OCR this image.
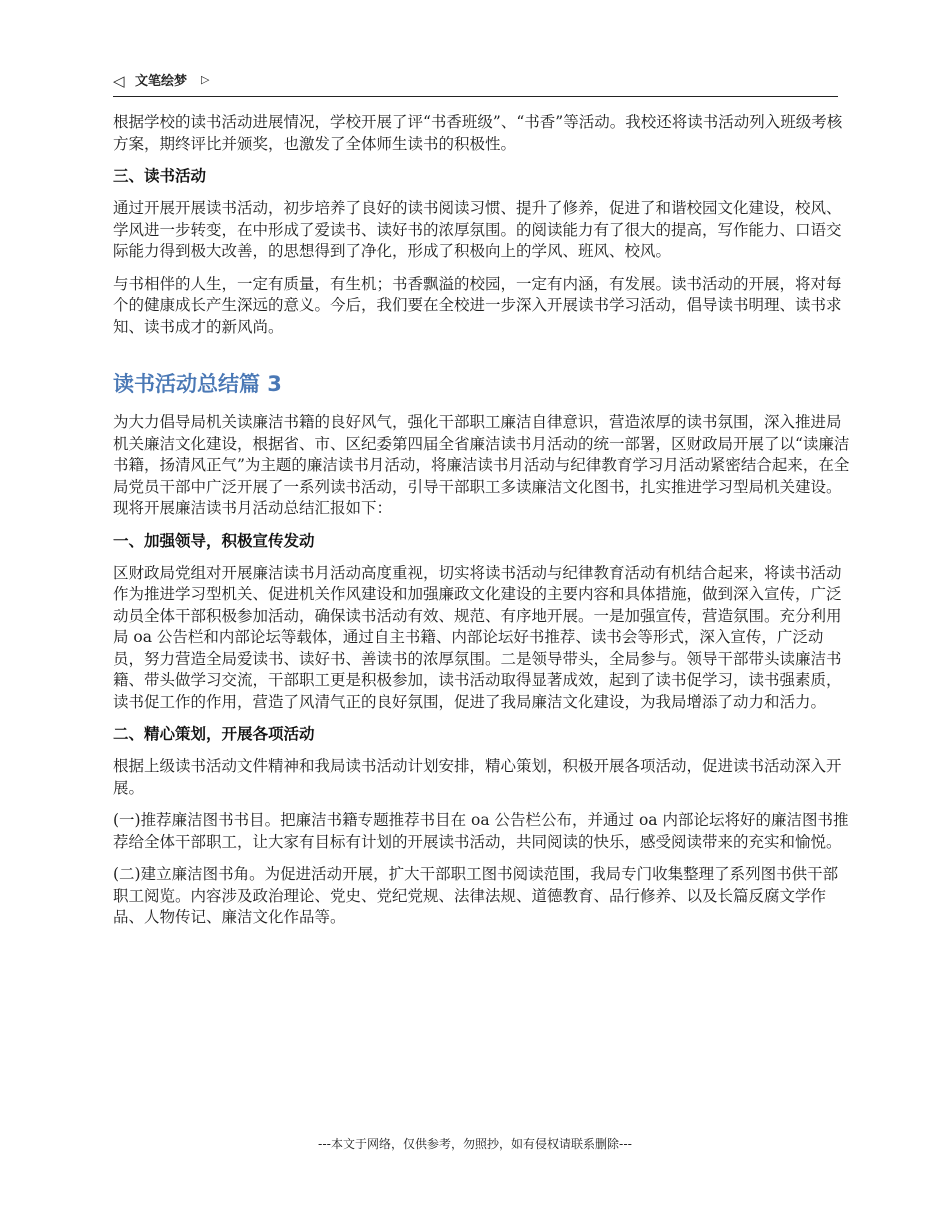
◁ 文笔绘梦 ▷

根据学校的读书活动进展情况，学校开展了评“书香班级”、“书香”等活动。我校还将读书活动列入班级考核方案，期终评比并颁奖，也激发了全体师生读书的积极性。

三、读书活动

通过开展开展读书活动，初步培养了良好的读书阅读习惯、提升了修养，促进了和谐校园文化建设，校风、学风进一步转变，在中形成了爱读书、读好书的浓厚氛围。的阅读能力有了很大的提高，写作能力、口语交际能力得到极大改善，的思想得到了净化，形成了积极向上的学风、班风、校风。

与书相伴的人生，一定有质量，有生机；书香飘溢的校园，一定有内涵，有发展。读书活动的开展，将对每个的健康成长产生深远的意义。今后，我们要在全校进一步深入开展读书学习活动，倡导读书明理、读书求知、读书成才的新风尚。

读书活动总结篇 3

为大力倡导局机关读廉洁书籍的良好风气，强化干部职工廉洁自律意识，营造浓厚的读书氛围，深入推进局机关廉洁文化建设，根据省、市、区纪委第四届全省廉洁读书月活动的统一部署，区财政局开展了以“读廉洁书籍，扬清风正气”为主题的廉洁读书月活动，将廉洁读书月活动与纪律教育学习月活动紧密结合起来，在全局党员干部中广泛开展了一系列读书活动，引导干部职工多读廉洁文化图书，扎实推进学习型局机关建设。现将开展廉洁读书月活动总结汇报如下：

一、加强领导，积极宣传发动

区财政局党组对开展廉洁读书月活动高度重视，切实将读书活动与纪律教育活动有机结合起来，将读书活动作为推进学习型机关、促进机关作风建设和加强廉政文化建设的主要内容和具体措施，做到深入宣传，广泛动员全体干部积极参加活动，确保读书活动有效、规范、有序地开展。一是加强宣传，营造氛围。充分利用局 oa 公告栏和内部论坛等载体，通过自主书籍、内部论坛好书推荐、读书会等形式，深入宣传，广泛动员，努力营造全局爱读书、读好书、善读书的浓厚氛围。二是领导带头，全局参与。领导干部带头读廉洁书籍、带头做学习交流，干部职工更是积极参加，读书活动取得显著成效，起到了读书促学习，读书强素质，读书促工作的作用，营造了风清气正的良好氛围，促进了我局廉洁文化建设，为我局增添了动力和活力。

二、精心策划，开展各项活动

根据上级读书活动文件精神和我局读书活动计划安排，精心策划，积极开展各项活动，促进读书活动深入开展。

(一)推荐廉洁图书书目。把廉洁书籍专题推荐书目在 oa 公告栏公布，并通过 oa 内部论坛将好的廉洁图书推荐给全体干部职工，让大家有目标有计划的开展读书活动，共同阅读的快乐，感受阅读带来的充实和愉悦。

(二)建立廉洁图书角。为促进活动开展，扩大干部职工图书阅读范围，我局专门收集整理了系列图书供干部职工阅览。内容涉及政治理论、党史、党纪党规、法律法规、道德教育、品行修养、以及长篇反腐文学作品、人物传记、廉洁文化作品等。

---本文于网络，仅供参考，勿照抄，如有侵权请联系删除---
